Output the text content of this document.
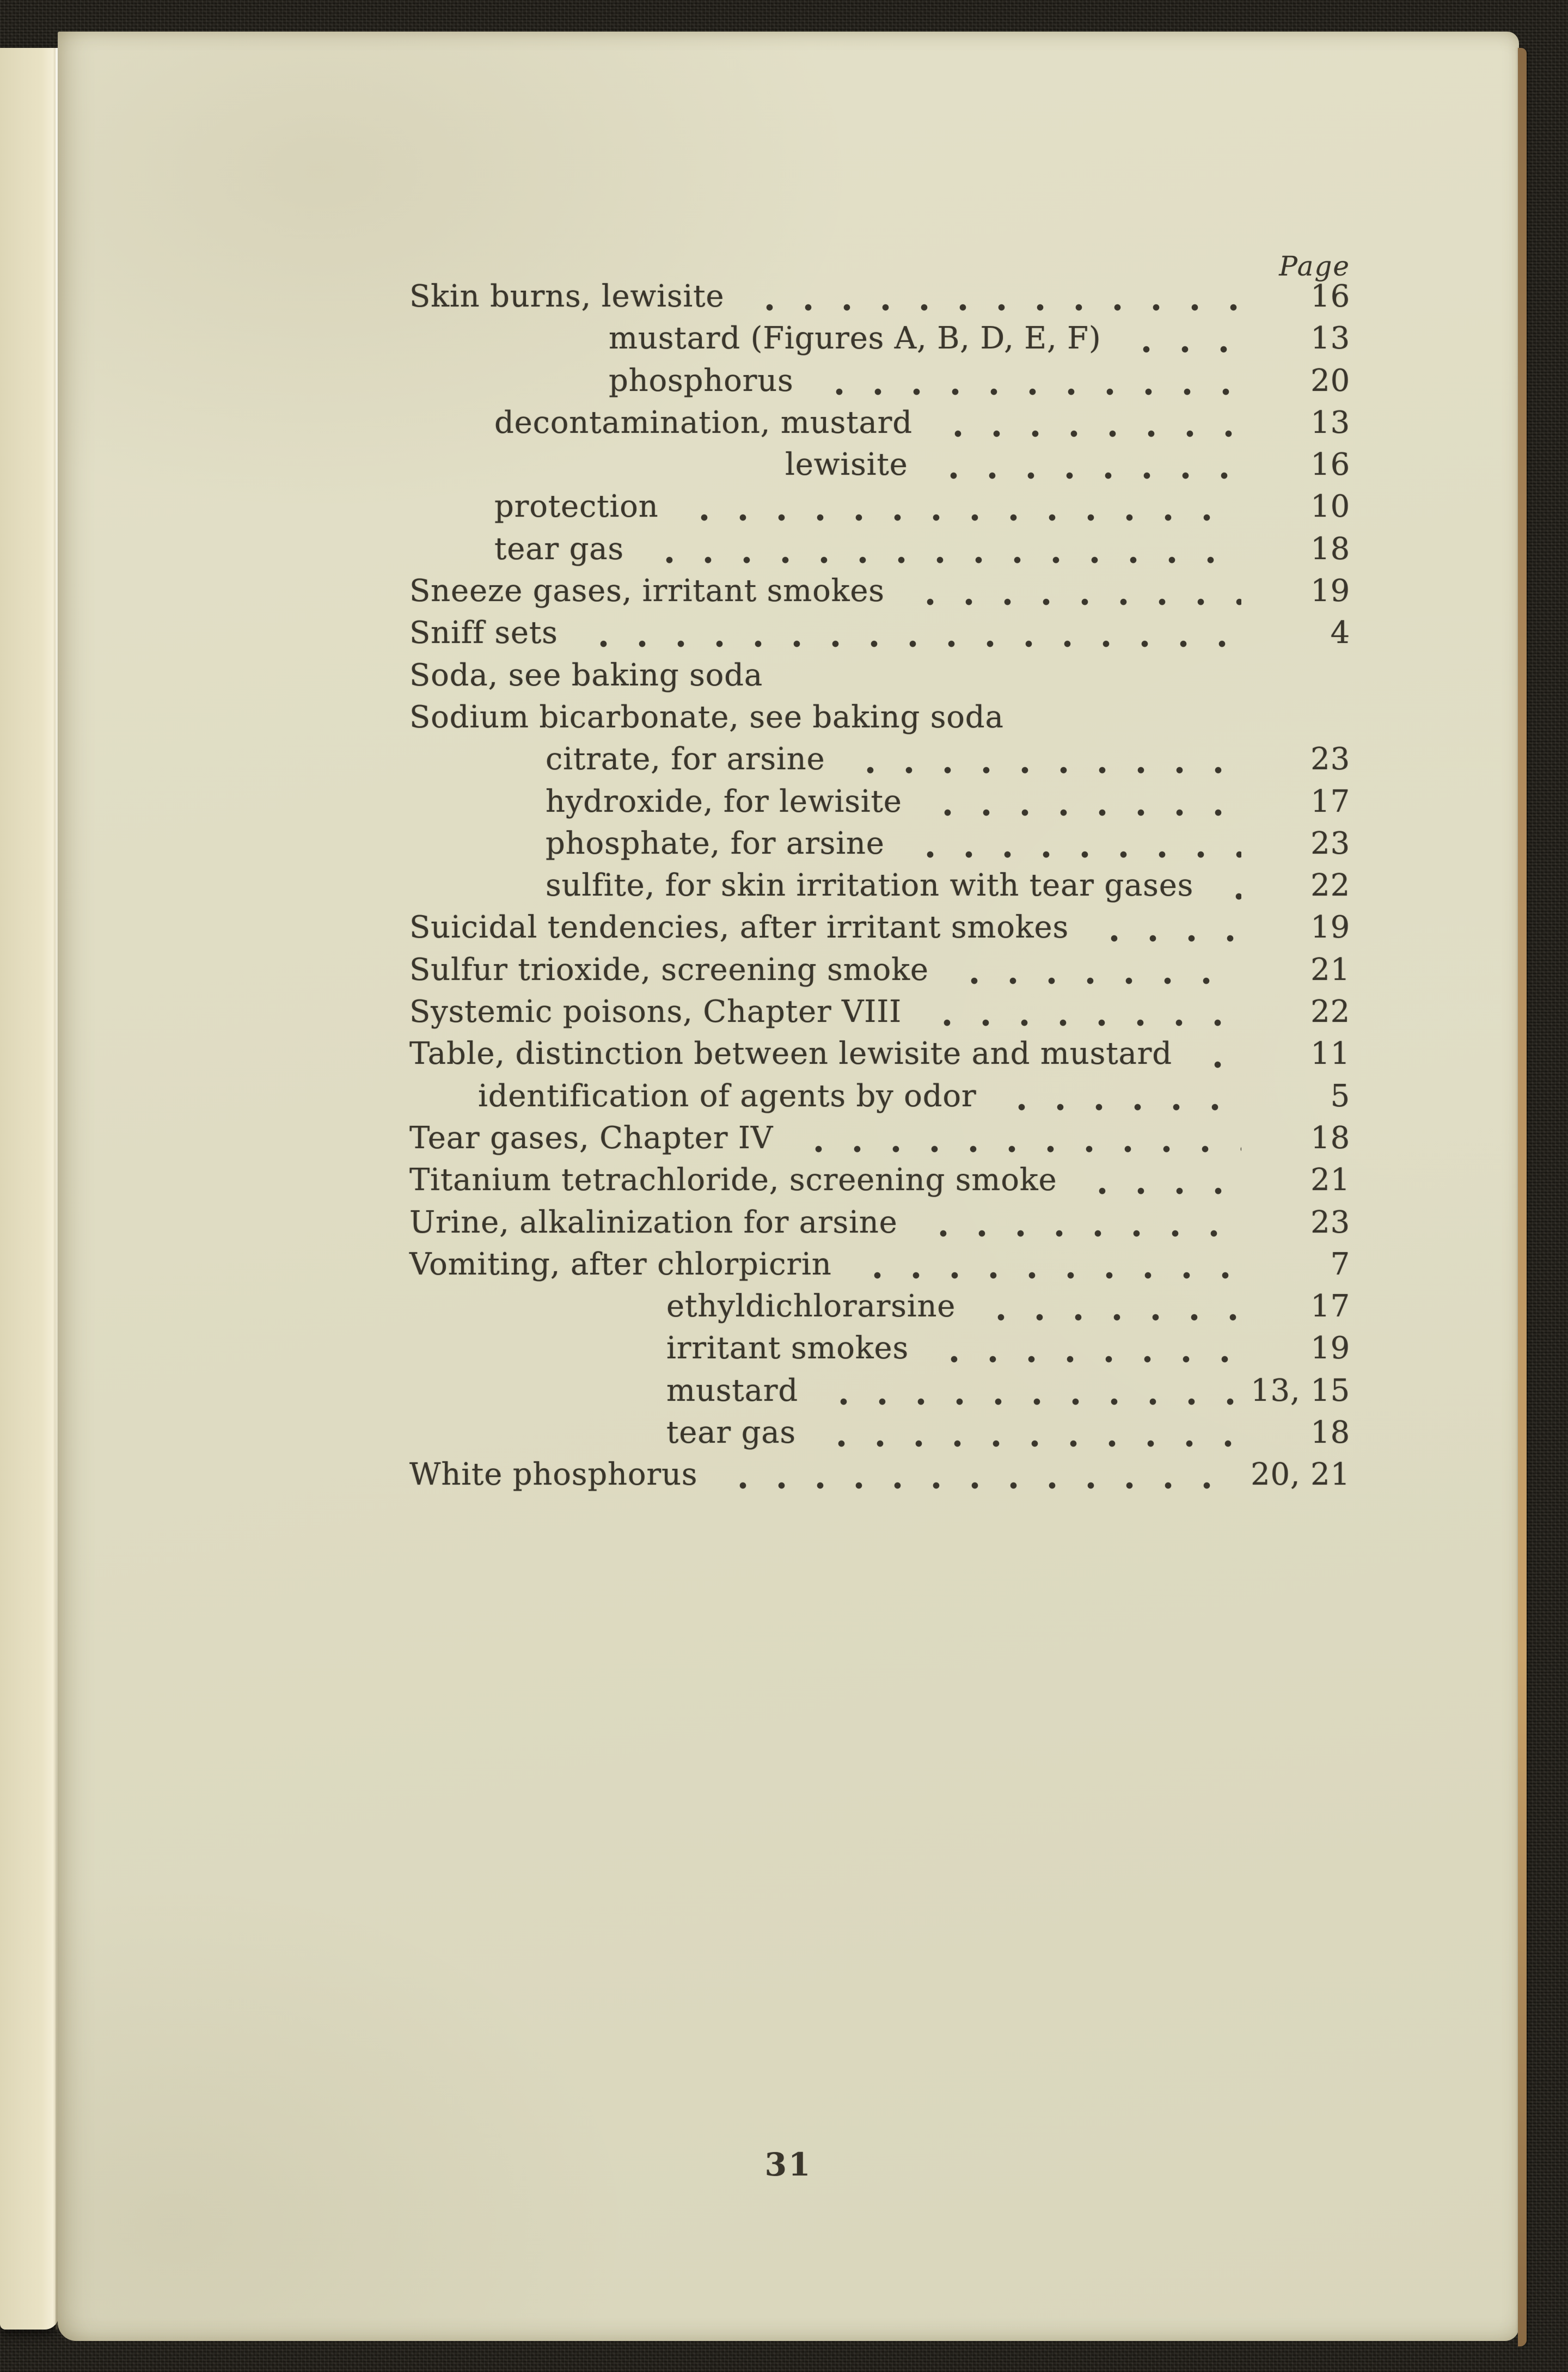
Page
Skin burns, lewisite	16
mustard (Figures A, B, D, E, F)	13
phosphorus	20
decontamination, mustard	13
lewisite	16
protection	10
tear gas	18
Sneeze gases, irritant smokes	19
Sniff sets	4
Soda, see baking soda
Sodium bicarbonate, see baking soda
citrate, for arsine	23
hydroxide, for lewisite	17
phosphate, for arsine	23
sulfite, for skin irritation with tear gases	22
Suicidal tendencies, after irritant smokes	19
Sulfur trioxide, screening smoke	21
Systemic poisons, Chapter VIII	22
Table, distinction between lewisite and mustard	11
identification of agents by odor	5
Tear gases, Chapter IV	18
Titanium tetrachloride, screening smoke	21
Urine, alkalinization for arsine	23
Vomiting, after chlorpicrin	7
ethyldichlorarsine	17
irritant smokes	19
mustard	13, 15
tear gas	18
White phosphorus	20, 21
31
